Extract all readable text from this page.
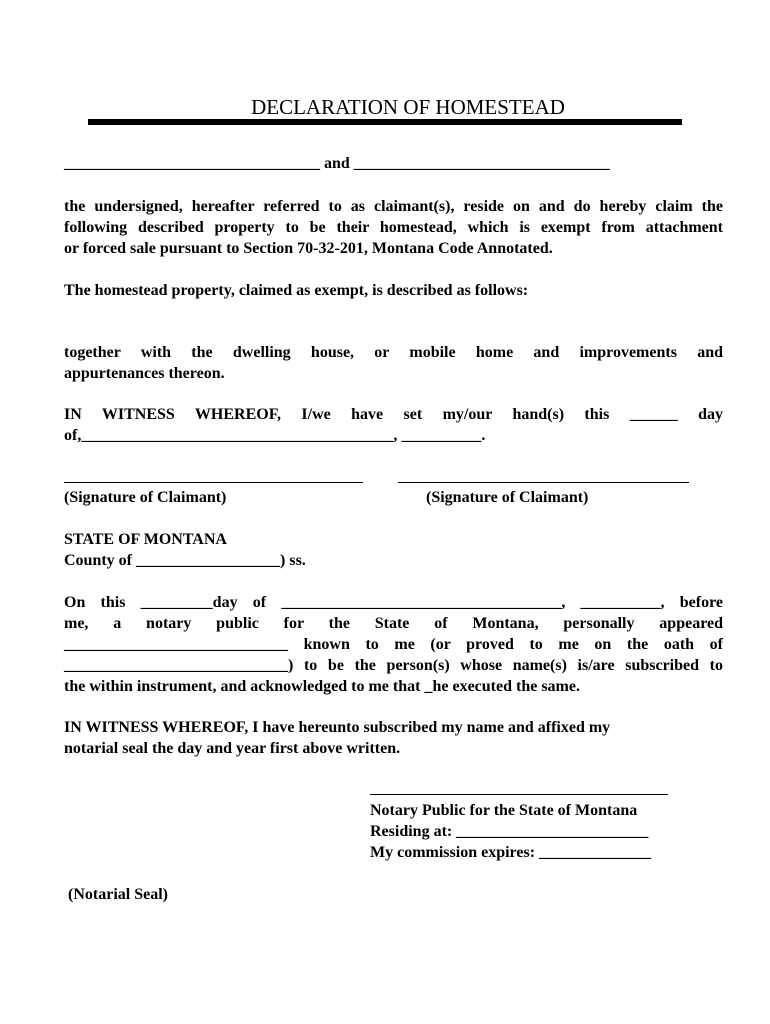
DECLARATION OF HOMESTEAD
________________________________ and ________________________________
the undersigned, hereafter referred to as claimant(s), reside on and do hereby claim the
following described property to be their homestead, which is exempt from attachment
or forced sale pursuant to Section 70-32-201, Montana Code Annotated.
The homestead property, claimed as exempt, is described as follows:
together with the dwelling house, or mobile home and improvements and
appurtenances thereon.
IN WITNESS WHEREOF, I/we have set my/our hand(s) this ______ day
of,_______________________________________, __________.
(Signature of Claimant)	(Signature of Claimant)
STATE OF MONTANA
County of __________________) ss.
On this _________day of ___________________________________, __________, before
me, a notary public for the State of Montana, personally appeared
____________________________ known to me (or proved to me on the oath of
____________________________) to be the person(s) whose name(s) is/are subscribed to
the within instrument, and acknowledged to me that _he executed the same.
IN WITNESS WHEREOF, I have hereunto subscribed my name and affixed my
notarial seal the day and year first above written.
Notary Public for the State of Montana
Residing at: ________________________
My commission expires: ______________
(Notarial Seal)
